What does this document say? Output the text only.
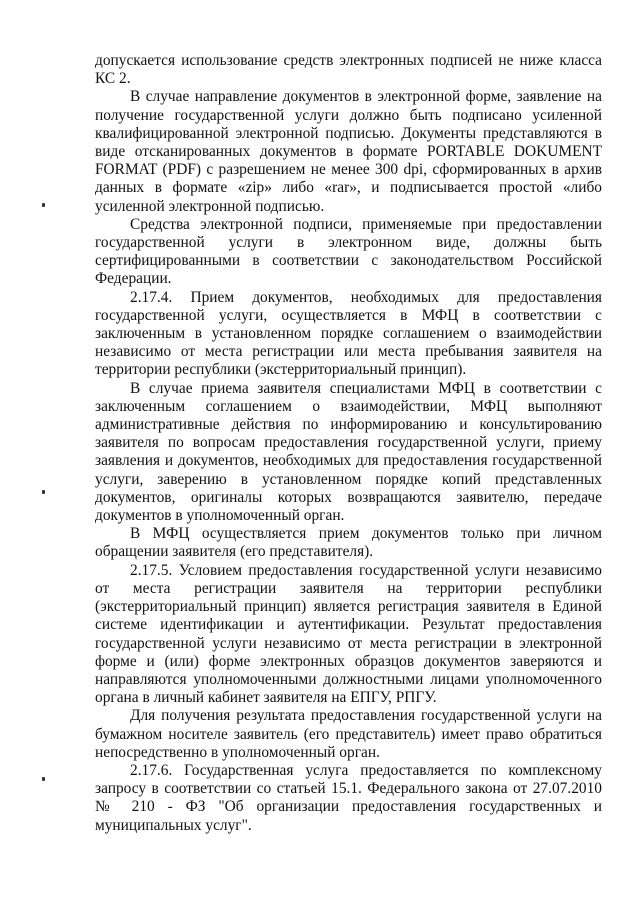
допускается использование средств электронных подписей не ниже класса КС 2.

В случае направление документов в электронной форме, заявление на получение государственной услуги должно быть подписано усиленной квалифицированной электронной подписью. Документы представляются в виде отсканированных документов в формате PORTABLE DOKUMENT FORMAT (PDF) с разрешением не менее 300 dpi, сформированных в архив данных в формате «zip» либо «rar», и подписывается простой «либо усиленной электронной подписью.

Средства электронной подписи, применяемые при предоставлении государственной услуги в электронном виде, должны быть сертифицированными в соответствии с законодательством Российской Федерации.

2.17.4. Прием документов, необходимых для предоставления государственной услуги, осуществляется в МФЦ в соответствии с заключенным в установленном порядке соглашением о взаимодействии независимо от места регистрации или места пребывания заявителя на территории республики (экстерриториальный принцип).

В случае приема заявителя специалистами МФЦ в соответствии с заключенным соглашением о взаимодействии, МФЦ выполняют административные действия по информированию и консультированию заявителя по вопросам предоставления государственной услуги, приему заявления и документов, необходимых для предоставления государственной услуги, заверению в установленном порядке копий представленных документов, оригиналы которых возвращаются заявителю, передаче документов в уполномоченный орган.

В МФЦ осуществляется прием документов только при личном обращении заявителя (его представителя).

2.17.5. Условием предоставления государственной услуги независимо от места регистрации заявителя на территории республики (экстерриториальный принцип) является регистрация заявителя в Единой системе идентификации и аутентификации. Результат предоставления государственной услуги независимо от места регистрации в электронной форме и (или) форме электронных образцов документов заверяются и направляются уполномоченными должностными лицами уполномоченного органа в личный кабинет заявителя на ЕПГУ, РПГУ.

Для получения результата предоставления государственной услуги на бумажном носителе заявитель (его представитель) имеет право обратиться непосредственно в уполномоченный орган.

2.17.6. Государственная услуга предоставляется по комплексному запросу в соответствии со статьей 15.1. Федерального закона от 27.07.2010 № 210 - ФЗ "Об организации предоставления государственных и муниципальных услуг".
